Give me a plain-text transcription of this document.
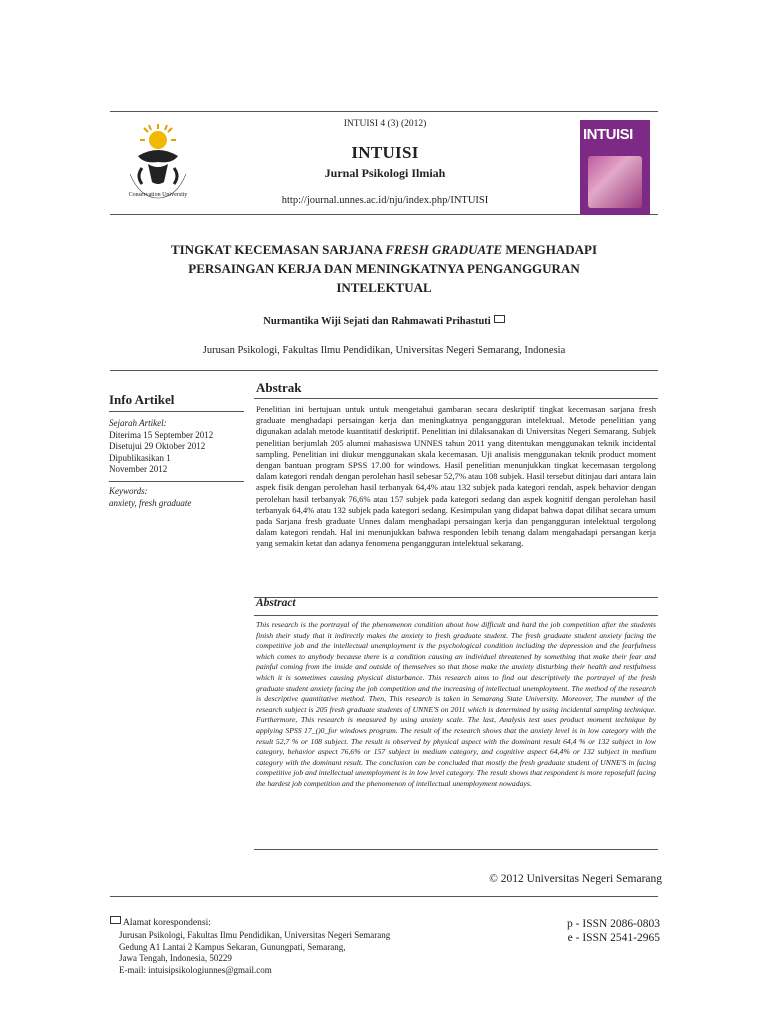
Conservation University
INTUISI 4 (3) (2012)
INTUISI
Jurnal Psikologi Ilmiah
http://journal.unnes.ac.id/nju/index.php/INTUISI
INTUISI
TINGKAT KECEMASAN SARJANA FRESH GRADUATE MENGHADAPI
PERSAINGAN KERJA DAN MENINGKATNYA PENGANGGURAN
INTELEKTUAL
Nurmantika Wiji Sejati dan Rahmawati Prihastuti
Jurusan Psikologi, Fakultas Ilmu Pendidikan, Universitas Negeri Semarang, Indonesia
Info Artikel
Sejarah Artikel:
Diterima 15 September 2012
Disetujui 29 Oktober 2012
Dipublikasikan 1
November 2012
Keywords:
anxiety, fresh graduate
Abstrak
Penelitian ini bertujuan untuk untuk mengetahui gambaran secara deskriptif tingkat kecemasan sarjana fresh graduate menghadapi persaingan kerja dan meningkatnya pengangguran intelektual. Metode penelitian yang digunakan adalah metode kuantitatif deskriptif. Penelitian ini dilaksanakan di Universitas Negeri Semarang. Subjek penelitian berjumlah 205 alumni mahasiswa UNNES tahun 2011 yang ditentukan menggunakan teknik incidental sampling. Penelitian ini diukur menggunakan skala kecemasan. Uji analisis menggunakan teknik product moment dengan bantuan program SPSS 17.00 for windows. Hasil penelitian menunjukkan tingkat kecemasan tergolong dalam kategori rendah dengan perolehan hasil sebesar 52,7% atau 108 subjek. Hasil tersebut ditinjau dari antara lain aspek fisik dengan perolehan hasil terbanyak 64,4% atau 132 subjek pada kategori rendah, aspek behavior dengan perolehan hasil terbanyak 76,6% atau 157 subjek pada kategori sedang dan aspek kognitif dengan perolehan hasil terbanyak 64,4% atau 132 subjek pada kategori sedang. Kesimpulan yang didapat bahwa dapat dilihat secara umum pada Sarjana fresh graduate Unnes dalam menghadapi persaingan kerja dan pengangguran intelektual tergolong dalam kategori rendah. Hal ini menunjukkan bahwa responden lebih tenang dalam mengahadapi persangan kerja yang semakin ketat dan adanya fenomena pengangguran intelektual sekarang.
Abstract
This research is the portrayal of the phenomenon condition about how difficult and hard the job competition after the students finish their study that it indirectly makes the anxiety to fresh graduate student. The fresh graduate student anxiety facing the competitive job and the intellectual unemployment is the psychological condition including the depression and the fearfulness which comes to anybody because there is a condition causing an individuel threatened by something that make their fear and painful coming from the inside and outside of themselves so that those make the anxiety disturbing their health and restfulness which it is sometimes causing physical disturbance. This research aims to find out descriptively the portrayel of the fresh graduate student anxiety facing the job competition and the increasing of intellectual unemployment. The method of the research is descriptive quantitative method. Then, This research is taken in Semarang State University. Moreover, The number of the research subject is 205 fresh graduate students of UNNE'S on 2011 which is determined by using incidental sampling technique. Furthermore, This research is measured by using anxiety scale. The last, Analysis test uses product moment technique by applying SPSS 17_()0_for windows program. The result of the research shows that the anxiety level is in low category with the result 52,7 % or 108 subject. The result is observed by physical aspect with the dominant result 64,4 % or 132 subject in low category, behavior aspect 76,6% or 157 subject in medium category, and cognitive aspect 64,4% or 132 subject in medium category with the dominant result. The conclusion can be concluded that mostly the fresh graduate student of UNNE'S in facing competitive job and intellectual unemployment is in low level category. The result shows that respondent is more reposefull facing the hardest job competition and the phenomenon of intellectual unemployment nowadays.
© 2012 Universitas Negeri Semarang
Alamat korespondensi:
Jurusan Psikologi, Fakultas Ilmu Pendidikan, Universitas Negeri Semarang
Gedung A1 Lantai 2 Kampus Sekaran, Gunungpati, Semarang,
Jawa Tengah, Indonesia, 50229
E-mail: intuisipsikologiunnes@gmail.com
p - ISSN 2086-0803
e - ISSN 2541-2965
